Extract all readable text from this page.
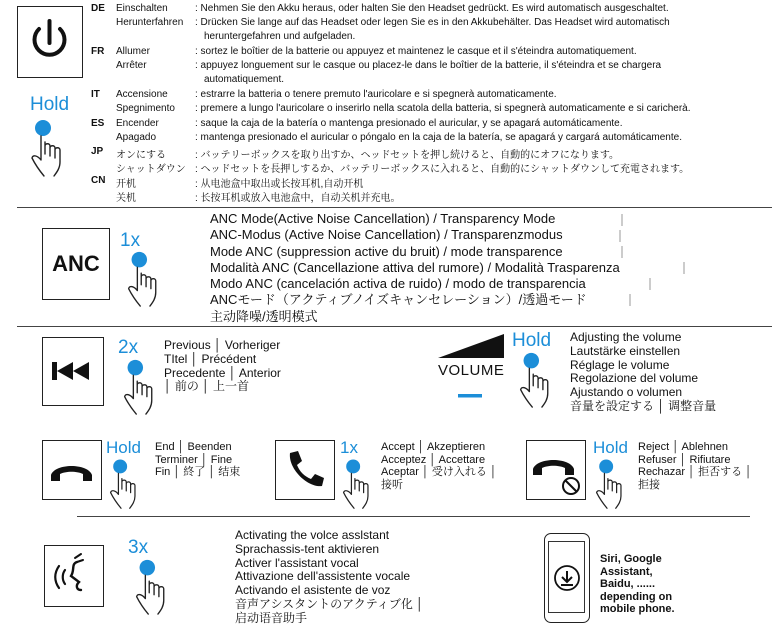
Hold
DE Einschalten	: Nehmen Sie den Akku heraus, oder halten Sie den Headset gedrückt. Es wird automatisch ausgeschaltet.
Herunterfahren : Drücken Sie lange auf das Headset oder legen Sie es in den Akkubehälter. Das Headset wird automatisch
heruntergefahren und aufgeladen.
FR Allumer	: sortez le boîtier de la batterie ou appuyez et maintenez le casque et il s'éteindra automatiquement.
Arrêter	: appuyez longuement sur le casque ou placez-le dans le boîtier de la batterie, il s'éteindra et se chargera
automatiquement.
IT Accensione	: estrarre la batteria o tenere premuto l'auricolare e si spegnerà automaticamente.
Spegnimento : premere a lungo l'auricolare o inserirlo nella scatola della batteria, si spegnerà automaticamente e si caricherà.
ES Encender	: saque la caja de la batería o mantenga presionado el auricular, y se apagará automáticamente.
Apagado	: mantenga presionado el auricular o póngalo en la caja de la batería, se apagará y cargará automáticamente.
JP オンにする	: バッテリーボックスを取り出すか、ヘッドセットを押し続けると、自動的にオフになります。
シャットダウン : ヘッドセットを長押しするか、バッテリーボックスに入れると、自動的にシャットダウンして充電されます。
CN 开机	: 从电池盒中取出或长按耳机,自动开机
关机	: 长按耳机或放入电池盒中，自动关机并充电。
ANC
1x
ANC Mode(Active Noise Cancellation) / Transparency Mode
ANC-Modus (Active Noise Cancellation) / Transparenzmodus
Mode ANC (suppression active du bruit) / mode transparence
Modalità ANC (Cancellazione attiva del rumore) / Modalità Trasparenza
Modo ANC (cancelación activa de ruido) / modo de transparencia
ANCモード（アクティブノイズキャンセレーション）/透過モード
主动降噪/透明模式
2x Previous │ Vorheriger
TItel │ Précédent
Precedente │ Anterior
│ 前の │ 上一首
VOLUME
Hold Adjusting the volume
Lautstärke einstellen
Réglage le volume
Regolazione del volume
Ajustando o volumen
音量を設定する │ 调整音量
Hold End │ Beenden
Terminer │ Fine
Fin │ 終了 │ 结束
1x Accept │ Akzeptieren
Acceptez │ Accettare
Aceptar │ 受け入れる │
接听
Hold Reject │ Ablehnen
Refuser │ Rifiutare
Rechazar │ 拒否する │
拒接
3x
Activating the volce asslstant
Sprachassis-tent aktivieren
Activer l'assistant vocal
Attivazione dell'assistente vocale
Activando el asistente de voz
音声アシスタントのアクティブ化 │
启动语音助手
Siri, Google
Assistant,
Baidu, ......
depending on
mobile phone.
